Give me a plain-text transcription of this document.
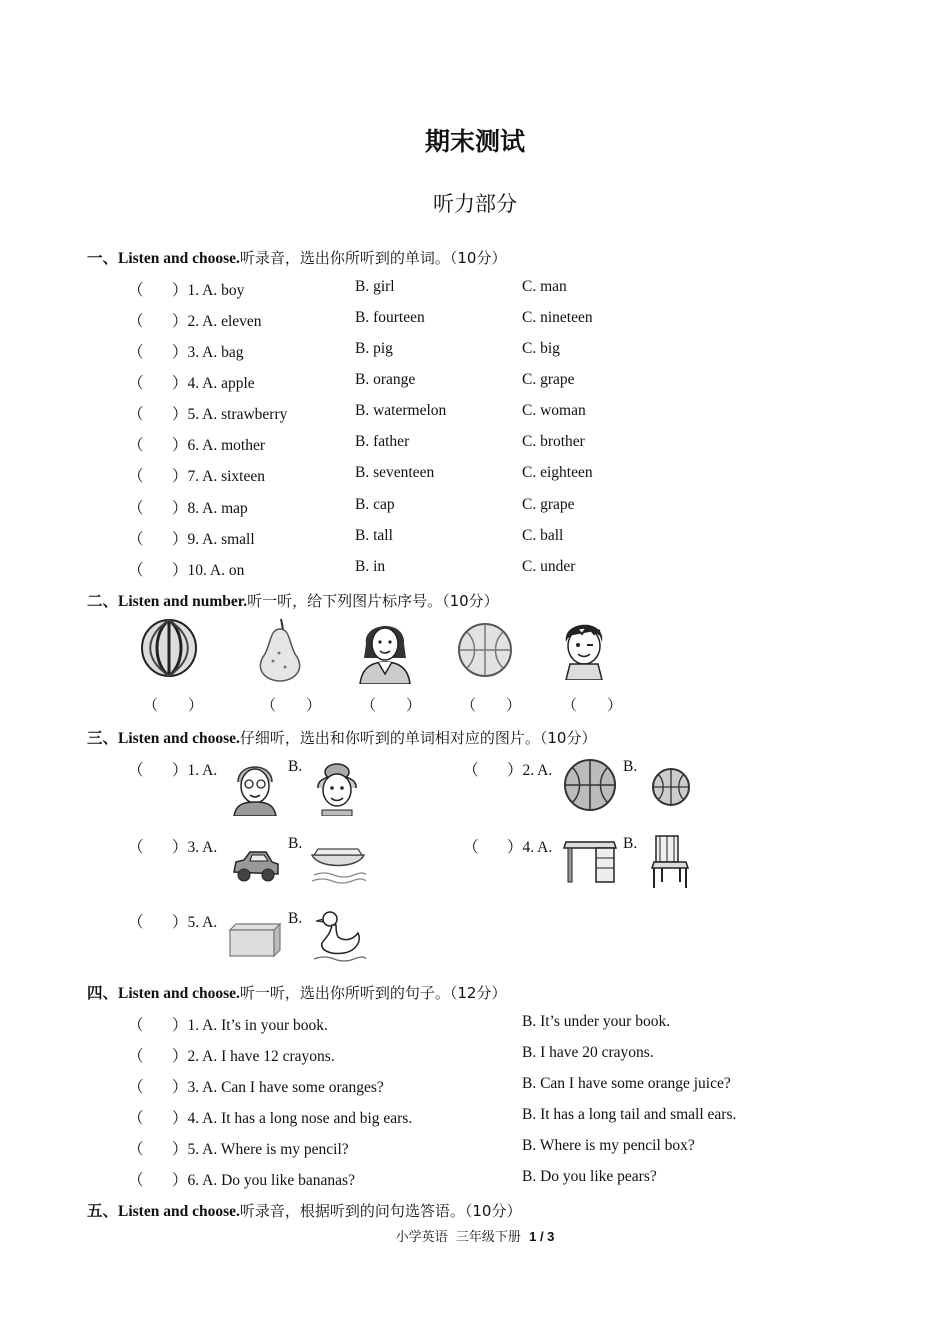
期末测试
听力部分
一、Listen and choose.听录音，选出你所听到的单词。（10分）
（ ）1. A. boy	B. girl	C. man
（ ）2. A. eleven	B. fourteen	C. nineteen
（ ）3. A. bag	B. pig	C. big
（ ）4. A. apple	B. orange	C. grape
（ ）5. A. strawberry	B. watermelon	C. woman
（ ）6. A. mother	B. father	C. brother
（ ）7. A. sixteen	B. seventeen	C. eighteen
（ ）8. A. map	B. cap	C. grape
（ ）9. A. small	B. tall	C. ball
（ ）10. A. on	B. in	C. under
二、Listen and number.听一听，给下列图片标序号。（10分）
（　　）	（　　）	（　　）	（　　）	（　　）
三、Listen and choose.仔细听，选出和你听到的单词相对应的图片。（10分）
（ ）1. A.	B.	（ ）2. A.	B.
（ ）3. A.	B.	（ ）4. A.	B.
（ ）5. A.	B.
四、Listen and choose.听一听，选出你所听到的句子。（12分）
（ ）1. A. It’s in your book.	B. It’s under your book.
（ ）2. A. I have 12 crayons.	B. I have 20 crayons.
（ ）3. A. Can I have some oranges?	B. Can I have some orange juice?
（ ）4. A. It has a long nose and big ears.	B. It has a long tail and small ears.
（ ）5. A. Where is my pencil?	B. Where is my pencil box?
（ ）6. A. Do you like bananas?	B. Do you like pears?
五、Listen and choose.听录音，根据听到的问句选答语。（10分）
小学英语  三年级下册  1 / 3
